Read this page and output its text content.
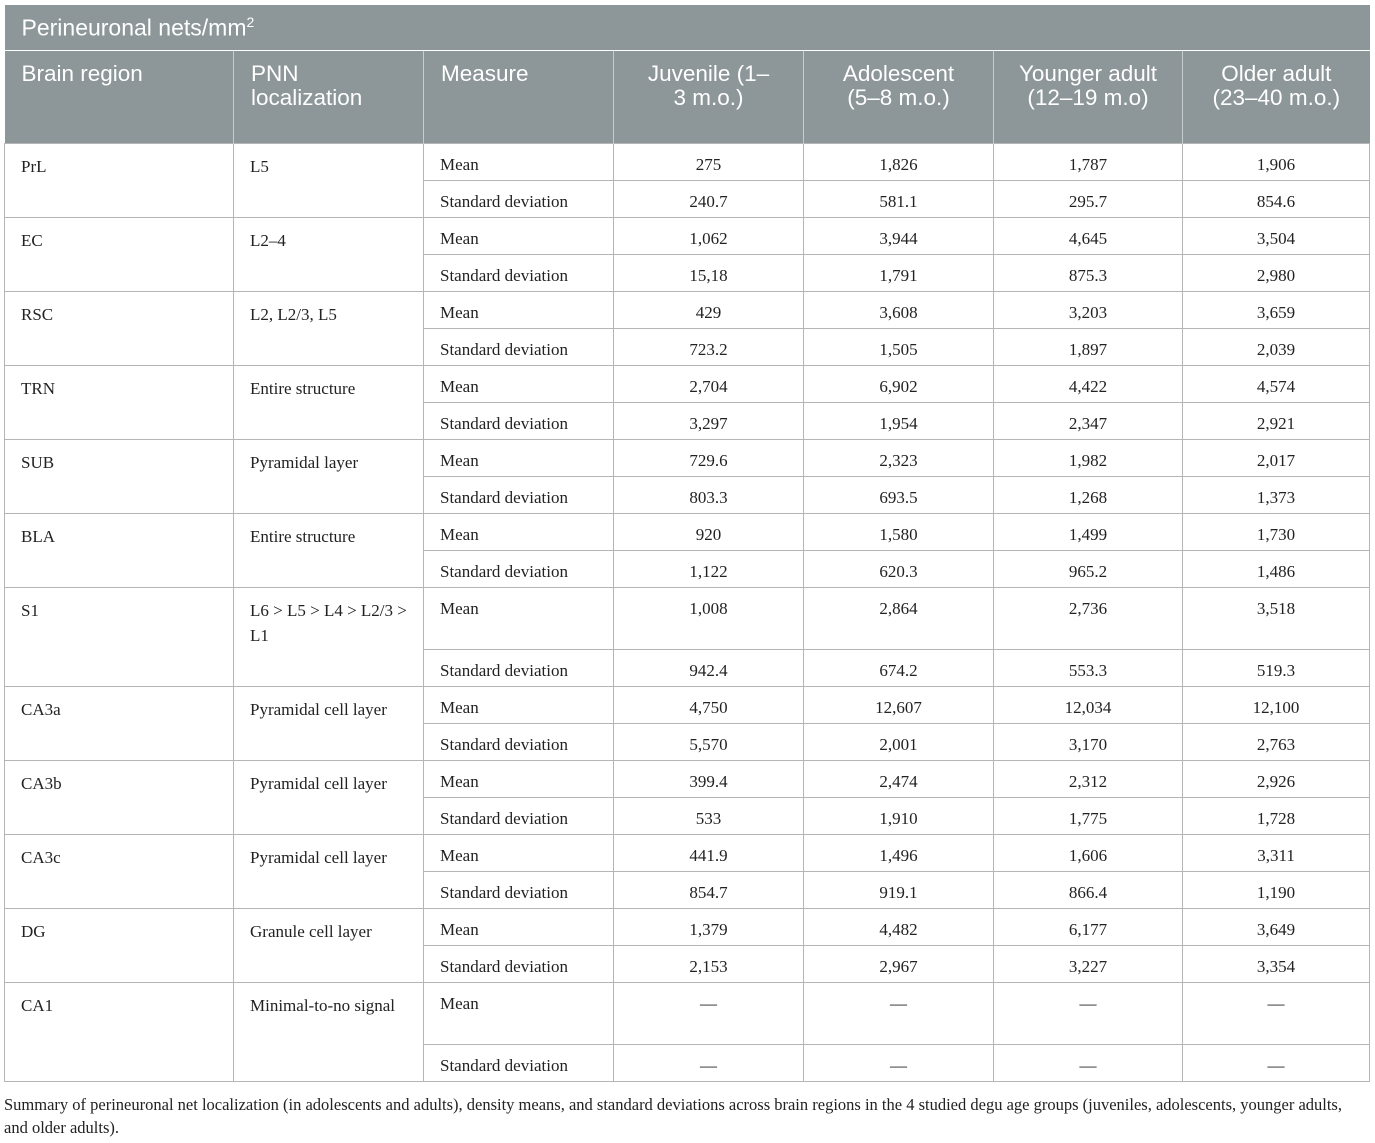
Perineuronal nets/$mm^2$
Brain region	PNN localization	Measure	Juvenile (1–3 m.o.)	Adolescent (5–8 m.o.)	Younger adult (12–19 m.o)	Older adult (23–40 m.o.)
PrL	L5	Mean	275	1,826	1,787	1,906
		Standard deviation	240.7	581.1	295.7	854.6
EC	L2–4	Mean	1,062	3,944	4,645	3,504
		Standard deviation	15,18	1,791	875.3	2,980
RSC	L2, L2/3, L5	Mean	429	3,608	3,203	3,659
		Standard deviation	723.2	1,505	1,897	2,039
TRN	Entire structure	Mean	2,704	6,902	4,422	4,574
		Standard deviation	3,297	1,954	2,347	2,921
SUB	Pyramidal layer	Mean	729.6	2,323	1,982	2,017
		Standard deviation	803.3	693.5	1,268	1,373
BLA	Entire structure	Mean	920	1,580	1,499	1,730
		Standard deviation	1,122	620.3	965.2	1,486
S1	L6 > L5 > L4 > L2/3 > L1	Mean	1,008	2,864	2,736	3,518
		Standard deviation	942.4	674.2	553.3	519.3
CA3a	Pyramidal cell layer	Mean	4,750	12,607	12,034	12,100
		Standard deviation	5,570	2,001	3,170	2,763
CA3b	Pyramidal cell layer	Mean	399.4	2,474	2,312	2,926
		Standard deviation	533	1,910	1,775	1,728
CA3c	Pyramidal cell layer	Mean	441.9	1,496	1,606	3,311
		Standard deviation	854.7	919.1	866.4	1,190
DG	Granule cell layer	Mean	1,379	4,482	6,177	3,649
		Standard deviation	2,153	2,967	3,227	3,354
CA1	Minimal-to-no signal	Mean	—	—	—	—
		Standard deviation	—	—	—	—
Summary of perineuronal net localization (in adolescents and adults), density means, and standard deviations across brain regions in the 4 studied degu age groups (juveniles, adolescents, younger adults, and older adults).
